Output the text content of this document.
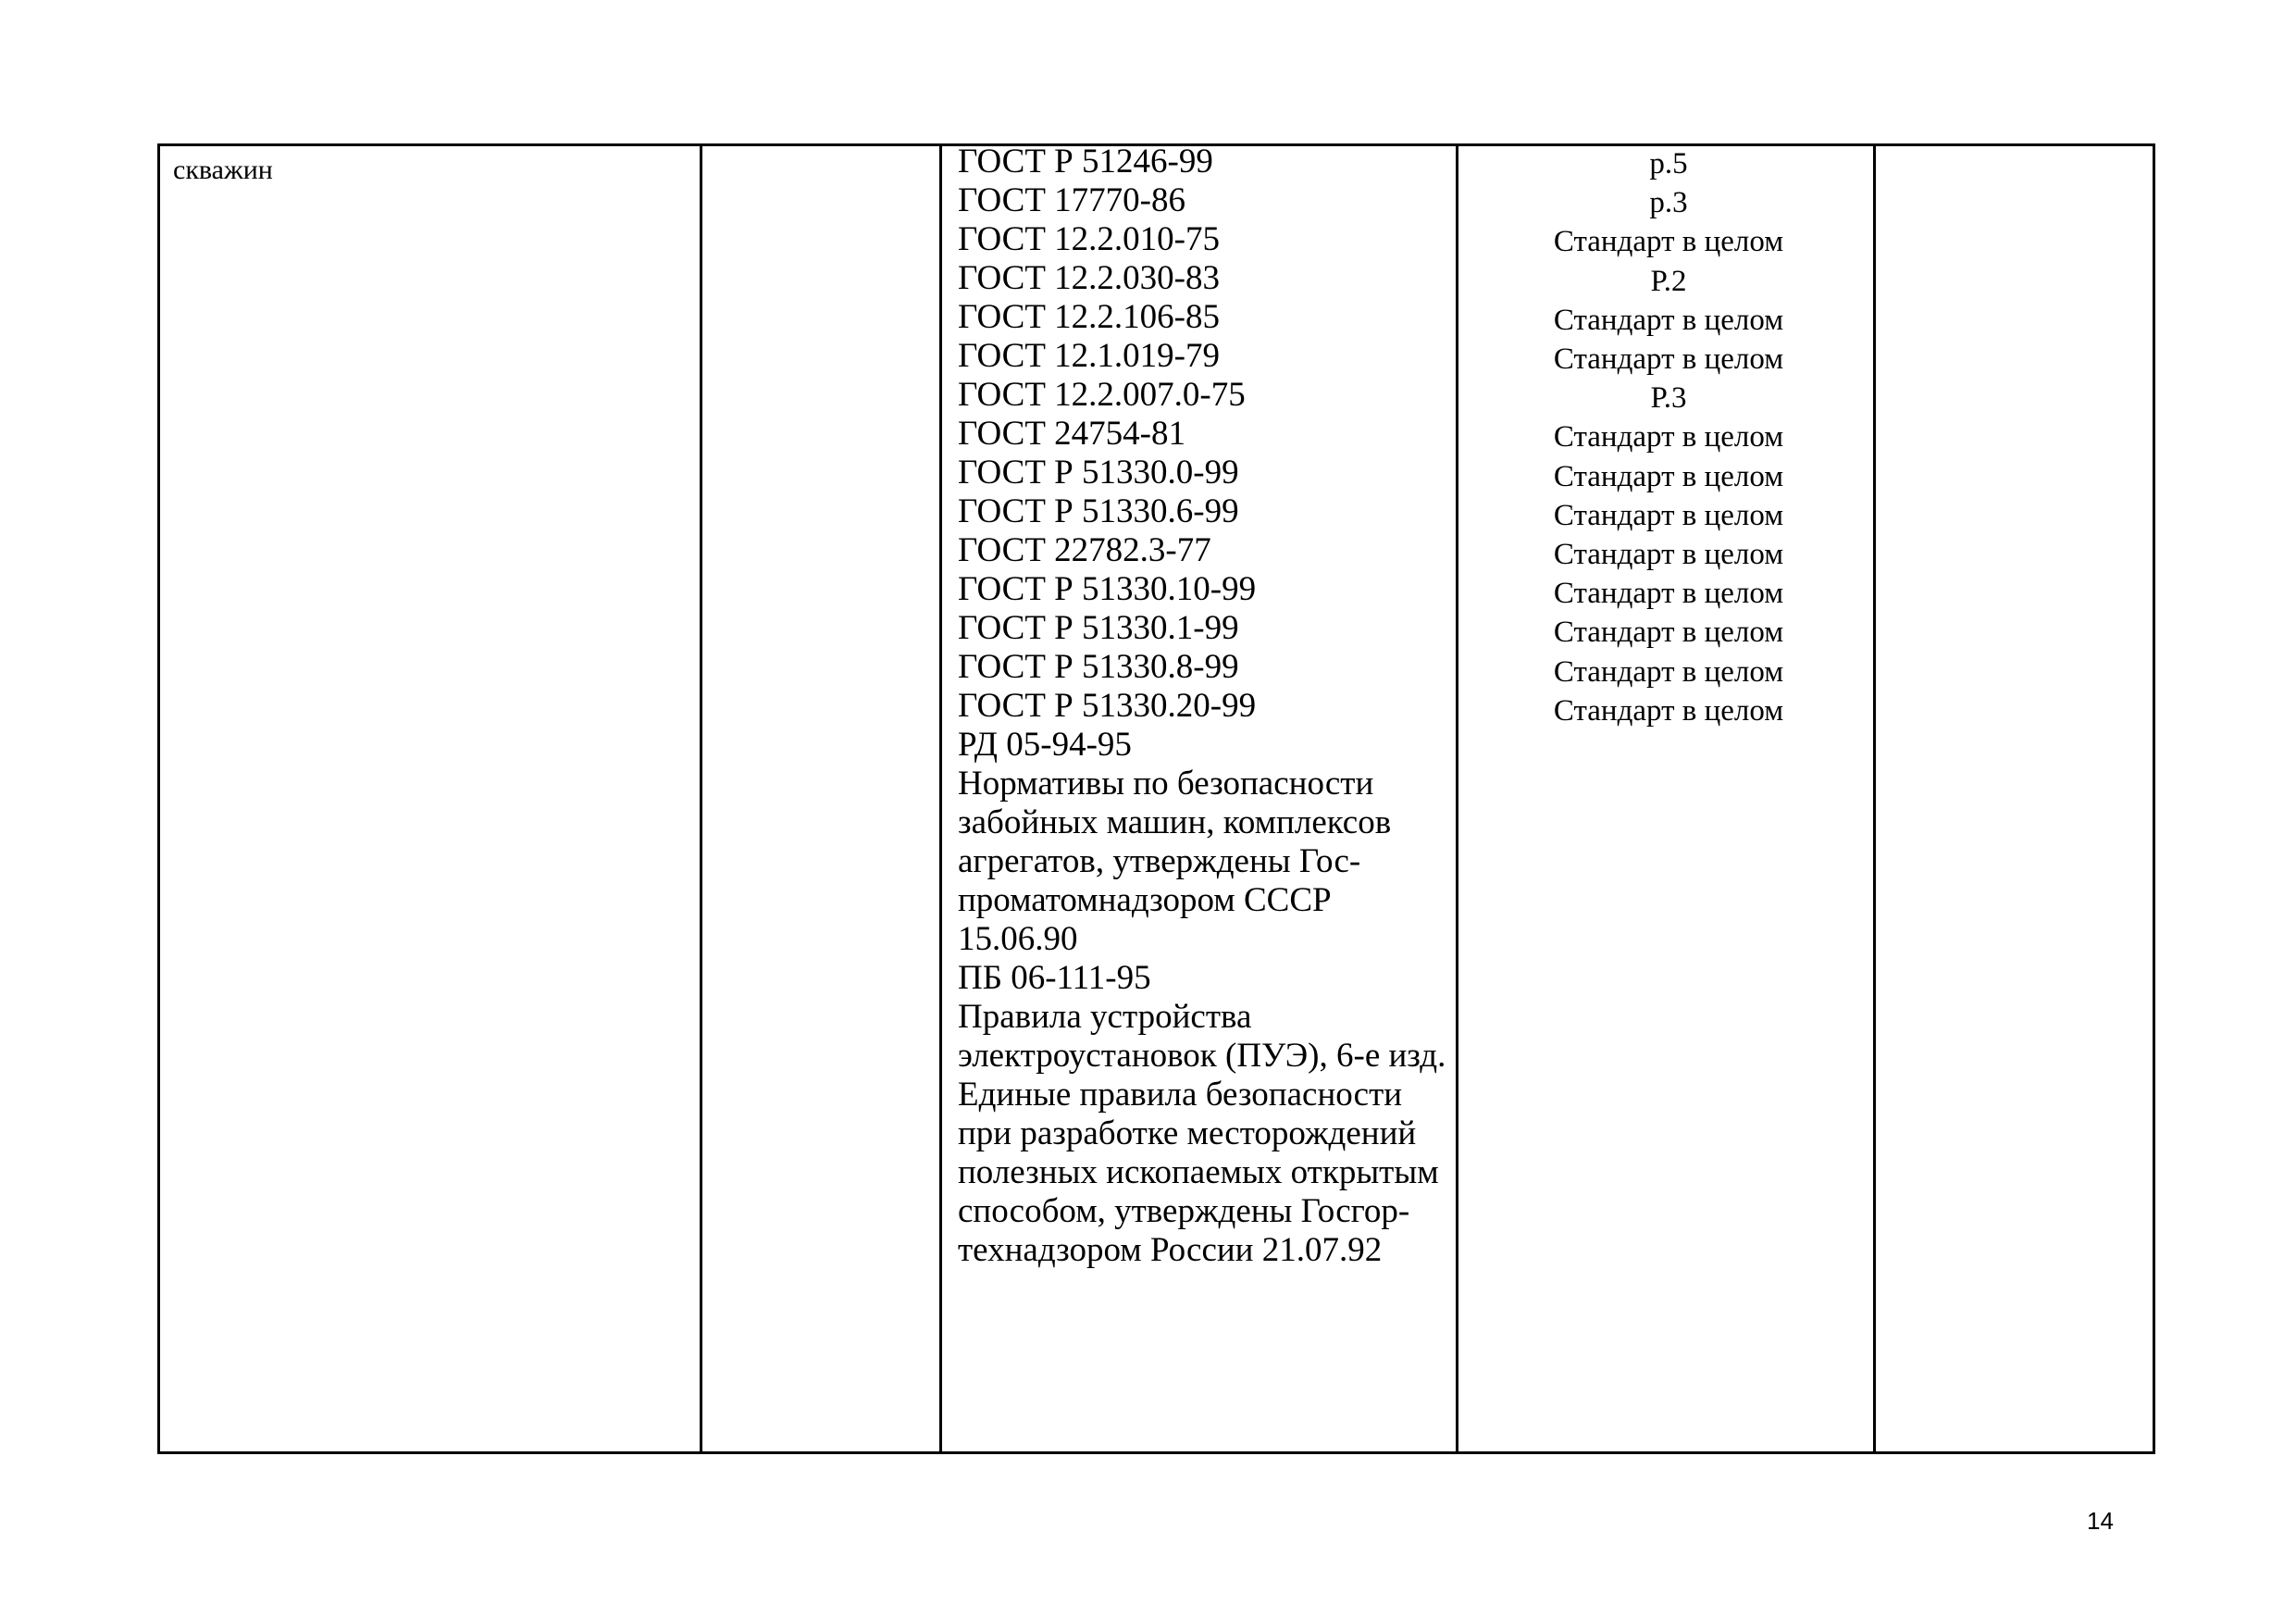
скважин	ГОСТ Р 51246-99
ГОСТ 17770-86
ГОСТ 12.2.010-75
ГОСТ 12.2.030-83
ГОСТ 12.2.106-85
ГОСТ 12.1.019-79
ГОСТ 12.2.007.0-75
ГОСТ 24754-81
ГОСТ Р 51330.0-99
ГОСТ Р 51330.6-99
ГОСТ 22782.3-77
ГОСТ Р 51330.10-99
ГОСТ Р 51330.1-99
ГОСТ Р 51330.8-99
ГОСТ Р 51330.20-99
РД 05-94-95
Нормативы по безопасности
забойных машин, комплексов
агрегатов, утверждены Гос-
проматомнадзором СССР
15.06.90
ПБ 06-111-95
Правила устройства
электроустановок (ПУЭ), 6-е изд.
Единые правила безопасности
при разработке месторождений
полезных ископаемых открытым
способом, утверждены Госгор-
технадзором России 21.07.92
р.5
р.3
Стандарт в целом
Р.2
Стандарт в целом
Стандарт в целом
Р.3
Стандарт в целом
Стандарт в целом
Стандарт в целом
Стандарт в целом
Стандарт в целом
Стандарт в целом
Стандарт в целом
Стандарт в целом
14
